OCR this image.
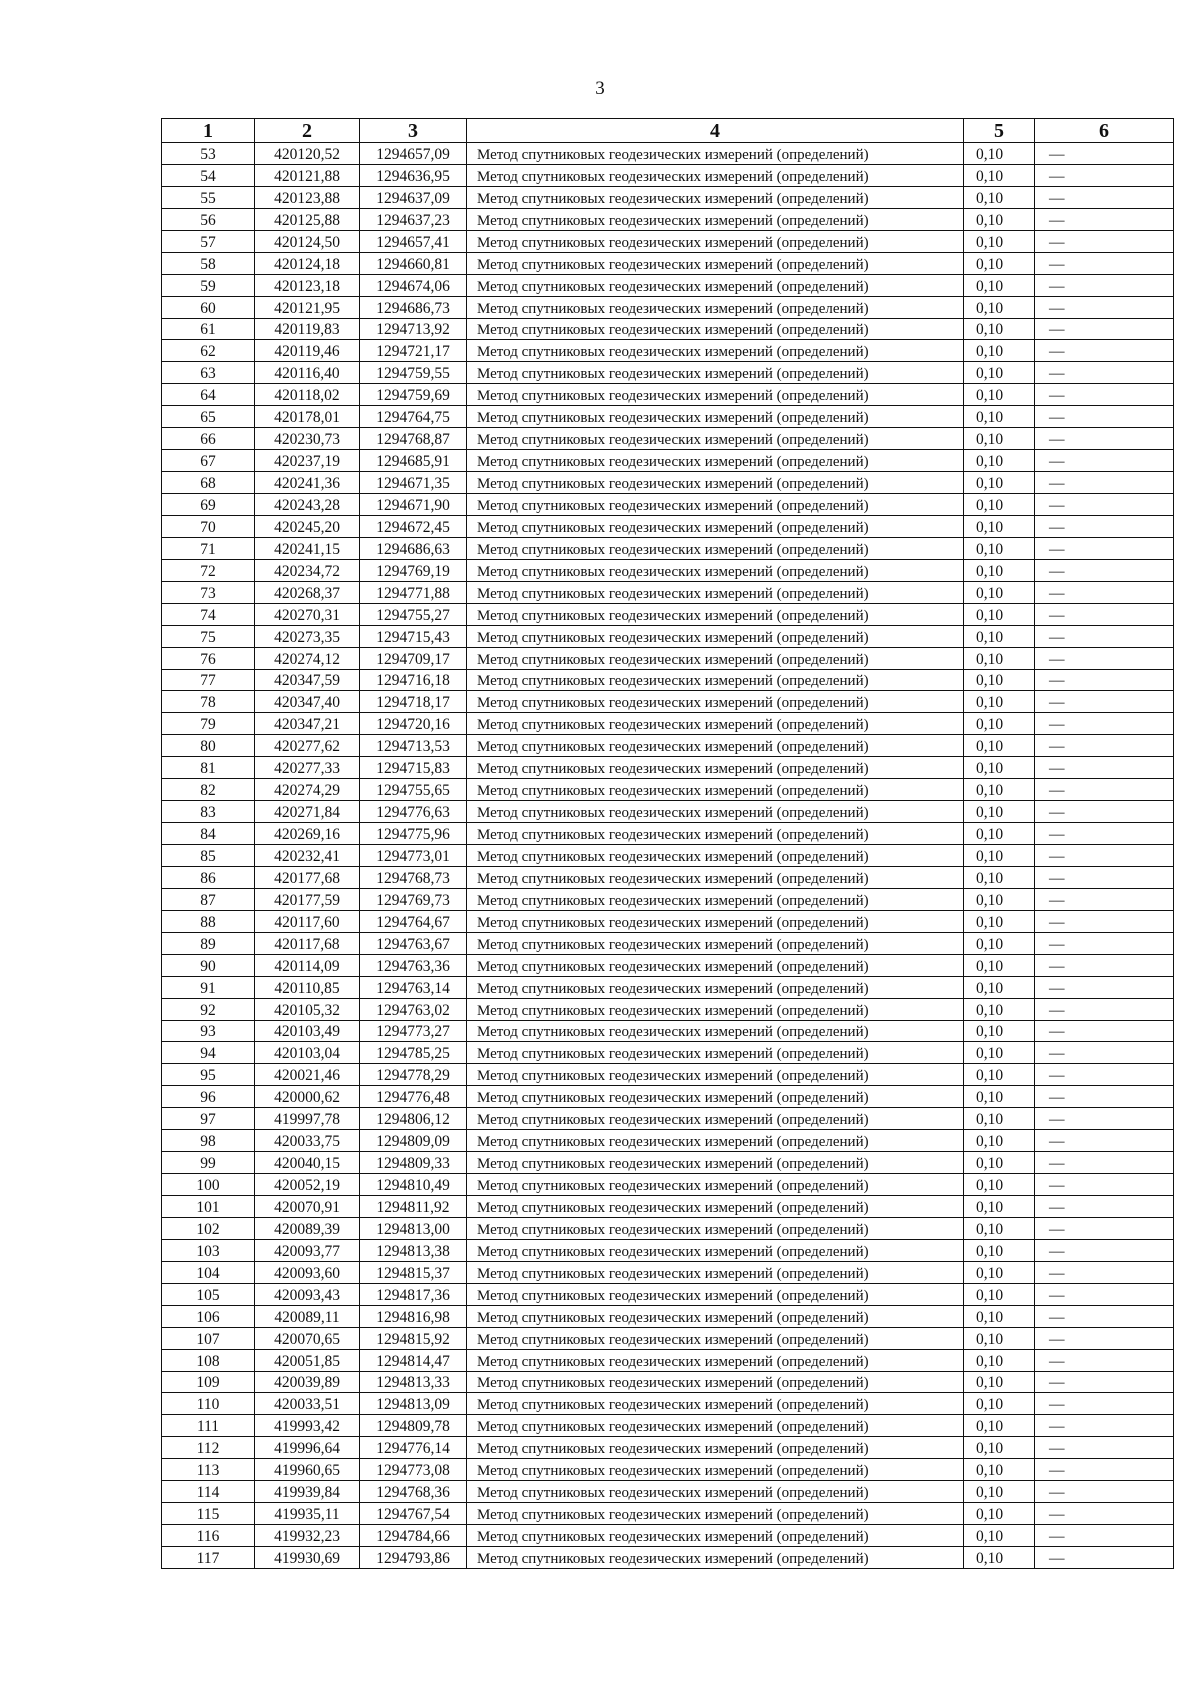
3
1	2	3	4	5	6
53	420120,52	1294657,09	Метод спутниковых геодезических измерений (определений)	0,10	—
54	420121,88	1294636,95	Метод спутниковых геодезических измерений (определений)	0,10	—
55	420123,88	1294637,09	Метод спутниковых геодезических измерений (определений)	0,10	—
56	420125,88	1294637,23	Метод спутниковых геодезических измерений (определений)	0,10	—
57	420124,50	1294657,41	Метод спутниковых геодезических измерений (определений)	0,10	—
58	420124,18	1294660,81	Метод спутниковых геодезических измерений (определений)	0,10	—
59	420123,18	1294674,06	Метод спутниковых геодезических измерений (определений)	0,10	—
60	420121,95	1294686,73	Метод спутниковых геодезических измерений (определений)	0,10	—
61	420119,83	1294713,92	Метод спутниковых геодезических измерений (определений)	0,10	—
62	420119,46	1294721,17	Метод спутниковых геодезических измерений (определений)	0,10	—
63	420116,40	1294759,55	Метод спутниковых геодезических измерений (определений)	0,10	—
64	420118,02	1294759,69	Метод спутниковых геодезических измерений (определений)	0,10	—
65	420178,01	1294764,75	Метод спутниковых геодезических измерений (определений)	0,10	—
66	420230,73	1294768,87	Метод спутниковых геодезических измерений (определений)	0,10	—
67	420237,19	1294685,91	Метод спутниковых геодезических измерений (определений)	0,10	—
68	420241,36	1294671,35	Метод спутниковых геодезических измерений (определений)	0,10	—
69	420243,28	1294671,90	Метод спутниковых геодезических измерений (определений)	0,10	—
70	420245,20	1294672,45	Метод спутниковых геодезических измерений (определений)	0,10	—
71	420241,15	1294686,63	Метод спутниковых геодезических измерений (определений)	0,10	—
72	420234,72	1294769,19	Метод спутниковых геодезических измерений (определений)	0,10	—
73	420268,37	1294771,88	Метод спутниковых геодезических измерений (определений)	0,10	—
74	420270,31	1294755,27	Метод спутниковых геодезических измерений (определений)	0,10	—
75	420273,35	1294715,43	Метод спутниковых геодезических измерений (определений)	0,10	—
76	420274,12	1294709,17	Метод спутниковых геодезических измерений (определений)	0,10	—
77	420347,59	1294716,18	Метод спутниковых геодезических измерений (определений)	0,10	—
78	420347,40	1294718,17	Метод спутниковых геодезических измерений (определений)	0,10	—
79	420347,21	1294720,16	Метод спутниковых геодезических измерений (определений)	0,10	—
80	420277,62	1294713,53	Метод спутниковых геодезических измерений (определений)	0,10	—
81	420277,33	1294715,83	Метод спутниковых геодезических измерений (определений)	0,10	—
82	420274,29	1294755,65	Метод спутниковых геодезических измерений (определений)	0,10	—
83	420271,84	1294776,63	Метод спутниковых геодезических измерений (определений)	0,10	—
84	420269,16	1294775,96	Метод спутниковых геодезических измерений (определений)	0,10	—
85	420232,41	1294773,01	Метод спутниковых геодезических измерений (определений)	0,10	—
86	420177,68	1294768,73	Метод спутниковых геодезических измерений (определений)	0,10	—
87	420177,59	1294769,73	Метод спутниковых геодезических измерений (определений)	0,10	—
88	420117,60	1294764,67	Метод спутниковых геодезических измерений (определений)	0,10	—
89	420117,68	1294763,67	Метод спутниковых геодезических измерений (определений)	0,10	—
90	420114,09	1294763,36	Метод спутниковых геодезических измерений (определений)	0,10	—
91	420110,85	1294763,14	Метод спутниковых геодезических измерений (определений)	0,10	—
92	420105,32	1294763,02	Метод спутниковых геодезических измерений (определений)	0,10	—
93	420103,49	1294773,27	Метод спутниковых геодезических измерений (определений)	0,10	—
94	420103,04	1294785,25	Метод спутниковых геодезических измерений (определений)	0,10	—
95	420021,46	1294778,29	Метод спутниковых геодезических измерений (определений)	0,10	—
96	420000,62	1294776,48	Метод спутниковых геодезических измерений (определений)	0,10	—
97	419997,78	1294806,12	Метод спутниковых геодезических измерений (определений)	0,10	—
98	420033,75	1294809,09	Метод спутниковых геодезических измерений (определений)	0,10	—
99	420040,15	1294809,33	Метод спутниковых геодезических измерений (определений)	0,10	—
100	420052,19	1294810,49	Метод спутниковых геодезических измерений (определений)	0,10	—
101	420070,91	1294811,92	Метод спутниковых геодезических измерений (определений)	0,10	—
102	420089,39	1294813,00	Метод спутниковых геодезических измерений (определений)	0,10	—
103	420093,77	1294813,38	Метод спутниковых геодезических измерений (определений)	0,10	—
104	420093,60	1294815,37	Метод спутниковых геодезических измерений (определений)	0,10	—
105	420093,43	1294817,36	Метод спутниковых геодезических измерений (определений)	0,10	—
106	420089,11	1294816,98	Метод спутниковых геодезических измерений (определений)	0,10	—
107	420070,65	1294815,92	Метод спутниковых геодезических измерений (определений)	0,10	—
108	420051,85	1294814,47	Метод спутниковых геодезических измерений (определений)	0,10	—
109	420039,89	1294813,33	Метод спутниковых геодезических измерений (определений)	0,10	—
110	420033,51	1294813,09	Метод спутниковых геодезических измерений (определений)	0,10	—
111	419993,42	1294809,78	Метод спутниковых геодезических измерений (определений)	0,10	—
112	419996,64	1294776,14	Метод спутниковых геодезических измерений (определений)	0,10	—
113	419960,65	1294773,08	Метод спутниковых геодезических измерений (определений)	0,10	—
114	419939,84	1294768,36	Метод спутниковых геодезических измерений (определений)	0,10	—
115	419935,11	1294767,54	Метод спутниковых геодезических измерений (определений)	0,10	—
116	419932,23	1294784,66	Метод спутниковых геодезических измерений (определений)	0,10	—
117	419930,69	1294793,86	Метод спутниковых геодезических измерений (определений)	0,10	—
